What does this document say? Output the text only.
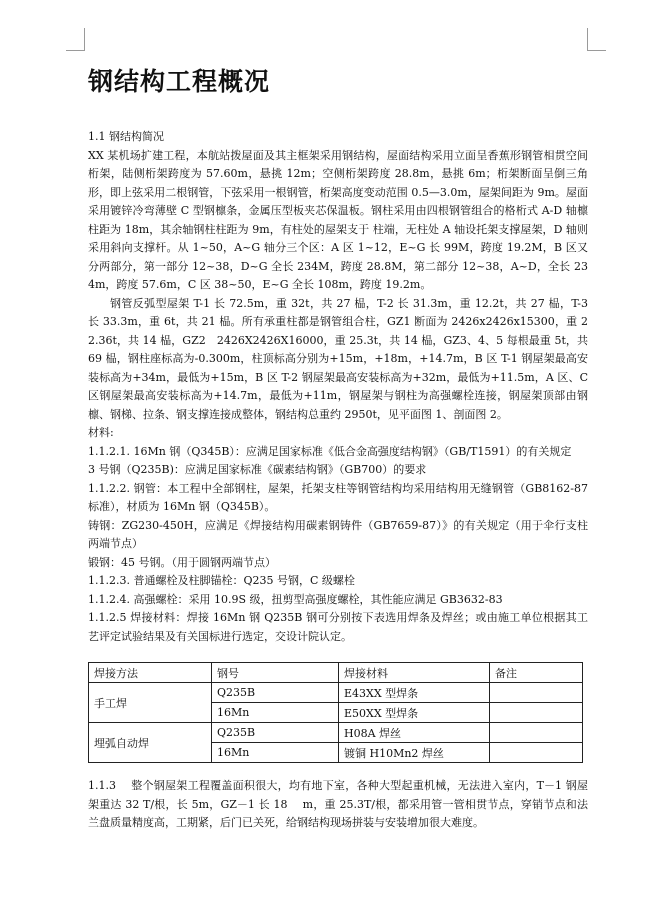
钢结构工程概况

1.1 钢结构简况

XX 某机场扩建工程，本航站拨屋面及其主框架采用钢结构，屋面结构采用立面呈香蕉形钢管相贯空间桁架，陆侧桁架跨度为 57.60m，悬挑 12m；空侧桁架跨度 28.8m，悬挑 6m；桁架断面呈倒三角形，即上弦采用二根钢管，下弦采用一根钢管，桁架高度变动范围 0.5—3.0m，屋架间距为 9m。屋面采用镀锌冷弯薄壁 C 型钢檩条，金属压型板夹芯保温板。钢柱采用由四根钢管组合的格桁式 A-D 轴檩柱距为 18m，其余轴钢柱柱距为 9m，有柱处的屋架支于 柱端，无柱处 A 轴设托架支撑屋架，D 轴则采用斜向支撑杆。从 1~50，A~G 轴分三个区：A 区 1~12，E~G 长 99M，跨度 19.2M，B 区又分两部分，第一部分 12~38，D~G 全长 234M，跨度 28.8M，第二部分 12~38，A~D，全长 234m，跨度 57.6m，C 区 38~50，E~G 全长 108m，跨度 19.2m。

钢管反弧型屋架 T-1 长 72.5m，重 32t，共 27 榀，T-2 长 31.3m，重 12.2t，共 27 榀，T-3 长 33.3m，重 6t，共 21 榀。所有承重柱都是钢管组合柱，GZ1 断面为 2426x2426x15300，重 22.36t，共 14 榀，GZ2　2426X2426X16000，重 25.3t，共 14 榀，GZ3、4、5 每根最重 5t，共 69 榀，钢柱座标高为-0.300m，柱顶标高分别为+15m，+18m，+14.7m，B 区 T-1 钢屋架最高安装标高为+34m，最低为+15m，B 区 T-2 钢屋架最高安装标高为+32m，最低为+11.5m，A 区、C 区钢屋架最高安装标高为+14.7m，最低为+11m，钢屋架与钢柱为高强螺栓连接，钢屋架顶部由钢檩、钢梯、拉条、钢支撑连接成整体，钢结构总重约 2950t，见平面图 1、剖面图 2。

材料:

1.1.2.1. 16Mn 钢（Q345B）：应满足国家标准《低合金高强度结构钢》（GB/T1591）的有关规定

3 号钢（Q235B)：应满足国家标准《碳素结构钢》（GB700）的要求

1.1.2.2. 钢管：本工程中全部钢柱，屋架，托架支柱等钢管结构均采用结构用无缝钢管（GB8162-87 标准），材质为 16Mn 钢（Q345B）。

铸钢：ZG230-450H，应满足《焊接结构用碳素钢铸件（GB7659-87）》的有关规定（用于伞行支柱两端节点）

锻钢：45 号钢。（用于圆钢两端节点）

1.1.2.3. 普通螺栓及柱脚锚栓：Q235 号钢，C 级螺栓

1.1.2.4. 高强螺栓：采用 10.9S 级，扭剪型高强度螺栓，其性能应满足 GB3632-83

1.1.2.5 焊接材料：焊接 16Mn 钢 Q235B 钢可分别按下表选用焊条及焊丝；或由施工单位根据其工艺评定试验结果及有关国标进行选定，交设计院认定。

焊接方法	钢号	焊接材料	备注
手工焊	Q235B	E43XX 型焊条	
	16Mn	E50XX 型焊条	
埋弧自动焊	Q235B	H08A 焊丝	
	16Mn	镀铜 H10Mn2 焊丝	

1.1.3　 整个钢屋架工程覆盖面积很大，均有地下室，各种大型起重机械，无法进入室内，T－1 钢屋架重达 32 T/根，长 5m，GZ－1 长 18　 m，重 25.3T/根，都采用管一管相贯节点，穿销节点和法兰盘质量精度高，工期紧，后门已关死，给钢结构现场拼装与安装增加很大难度。
